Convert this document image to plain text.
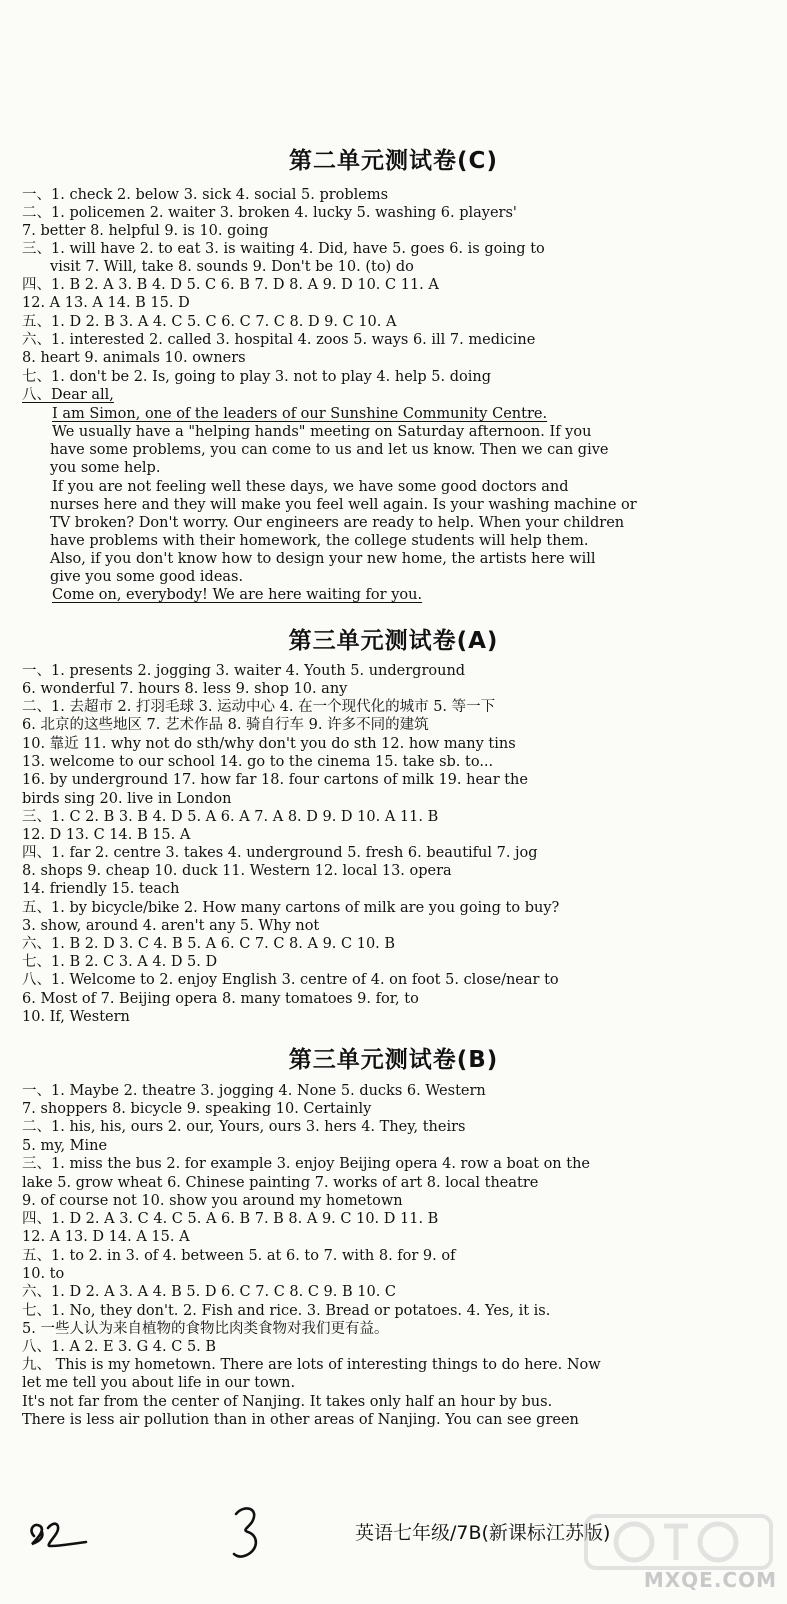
第二单元测试卷(C)
一、1. check 2. below 3. sick 4. social 5. problems
二、1. policemen 2. waiter 3. broken 4. lucky 5. washing 6. players'
7. better 8. helpful 9. is 10. going
三、1. will have 2. to eat 3. is waiting 4. Did, have 5. goes 6. is going to
visit 7. Will, take 8. sounds 9. Don't be 10. (to) do
四、1. B 2. A 3. B 4. D 5. C 6. B 7. D 8. A 9. D 10. C 11. A
12. A 13. A 14. B 15. D
五、1. D 2. B 3. A 4. C 5. C 6. C 7. C 8. D 9. C 10. A
六、1. interested 2. called 3. hospital 4. zoos 5. ways 6. ill 7. medicine
8. heart 9. animals 10. owners
七、1. don't be 2. Is, going to play 3. not to play 4. help 5. doing
八、Dear all,
I am Simon, one of the leaders of our Sunshine Community Centre.
We usually have a "helping hands" meeting on Saturday afternoon. If you
have some problems, you can come to us and let us know. Then we can give
you some help.
If you are not feeling well these days, we have some good doctors and
nurses here and they will make you feel well again. Is your washing machine or
TV broken? Don't worry. Our engineers are ready to help. When your children
have problems with their homework, the college students will help them.
Also, if you don't know how to design your new home, the artists here will
give you some good ideas.
Come on, everybody! We are here waiting for you.
第三单元测试卷(A)
一、1. presents 2. jogging 3. waiter 4. Youth 5. underground
6. wonderful 7. hours 8. less 9. shop 10. any
二、1. 去超市 2. 打羽毛球 3. 运动中心 4. 在一个现代化的城市 5. 等一下
6. 北京的这些地区 7. 艺术作品 8. 骑自行车 9. 许多不同的建筑
10. 靠近 11. why not do sth/why don't you do sth 12. how many tins
13. welcome to our school 14. go to the cinema 15. take sb. to...
16. by underground 17. how far 18. four cartons of milk 19. hear the
birds sing 20. live in London
三、1. C 2. B 3. B 4. D 5. A 6. A 7. A 8. D 9. D 10. A 11. B
12. D 13. C 14. B 15. A
四、1. far 2. centre 3. takes 4. underground 5. fresh 6. beautiful 7. jog
8. shops 9. cheap 10. duck 11. Western 12. local 13. opera
14. friendly 15. teach
五、1. by bicycle/bike 2. How many cartons of milk are you going to buy?
3. show, around 4. aren't any 5. Why not
六、1. B 2. D 3. C 4. B 5. A 6. C 7. C 8. A 9. C 10. B
七、1. B 2. C 3. A 4. D 5. D
八、1. Welcome to 2. enjoy English 3. centre of 4. on foot 5. close/near to
6. Most of 7. Beijing opera 8. many tomatoes 9. for, to
10. If, Western
第三单元测试卷(B)
一、1. Maybe 2. theatre 3. jogging 4. None 5. ducks 6. Western
7. shoppers 8. bicycle 9. speaking 10. Certainly
二、1. his, his, ours 2. our, Yours, ours 3. hers 4. They, theirs
5. my, Mine
三、1. miss the bus 2. for example 3. enjoy Beijing opera 4. row a boat on the
lake 5. grow wheat 6. Chinese painting 7. works of art 8. local theatre
9. of course not 10. show you around my hometown
四、1. D 2. A 3. C 4. C 5. A 6. B 7. B 8. A 9. C 10. D 11. B
12. A 13. D 14. A 15. A
五、1. to 2. in 3. of 4. between 5. at 6. to 7. with 8. for 9. of
10. to
六、1. D 2. A 3. A 4. B 5. D 6. C 7. C 8. C 9. B 10. C
七、1. No, they don't. 2. Fish and rice. 3. Bread or potatoes. 4. Yes, it is.
5. 一些人认为来自植物的食物比肉类食物对我们更有益。
八、1. A 2. E 3. G 4. C 5. B
九、 This is my hometown. There are lots of interesting things to do here. Now
let me tell you about life in our town.
It's not far from the center of Nanjing. It takes only half an hour by bus.
There is less air pollution than in other areas of Nanjing. You can see green
英语七年级/7B(新课标江苏版)
MXQE.COM
